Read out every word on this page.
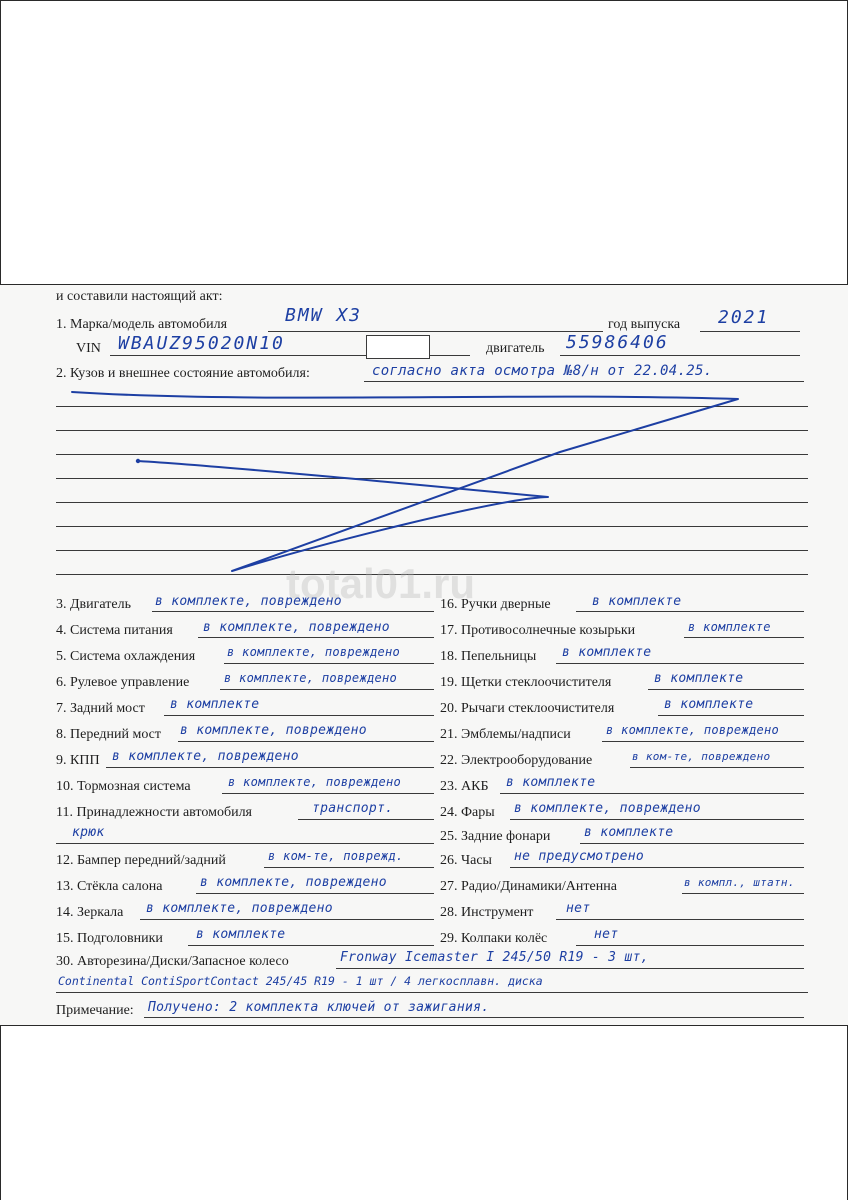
и составили настоящий акт:
1. Марка/модель автомобиля	BMW X3	год выпуска 2021
VIN WBAUZ95020N10	двигатель 55986406
2. Кузов и внешнее состояние автомобиля:	согласно акта осмотра №8/н от 22.04.25.
total01.ru
3. Двигатель в комплекте, повреждено
4. Система питания в комплекте, повреждено
5. Система охлаждения	в комплекте, повреждено
6. Рулевое управление	в комплекте, повреждено
7. Задний мост в комплекте
8. Передний мост в комплекте, повреждено
9. КПП в комплекте, повреждено
10. Тормозная система	в комплекте, повреждено
11. Принадлежности автомобиля	транспорт.
крюк
12. Бампер передний/задний	в ком-те, поврежд.
13. Стёкла салона	в комплекте, повреждено
14. Зеркала в комплекте, повреждено
15. Подголовники	в комплекте
16. Ручки дверные	в комплекте
17. Противосолнечные козырьки	в комплекте
18. Пепельницы в комплекте
19. Щетки стеклоочистителя	в комплекте
20. Рычаги стеклоочистителя	в комплекте
21. Эмблемы/надписи	в комплекте, повреждено
22. Электрооборудование	в ком-те, повреждено
23. АКБ в комплекте
24. Фары в комплекте, повреждено
25. Задние фонари	в комплекте
26. Часы не предусмотрено
27. Радио/Динамики/Антенна	в компл., штатн.
28. Инструмент	нет
29. Колпаки колёс	нет
30. Авторезина/Диски/Запасное колесо	Fronway Icemaster I 245/50 R19 - 3 шт,
Continental ContiSportContact 245/45 R19 - 1 шт / 4 легкосплавн. диска
Примечание: Получено: 2 комплекта ключей от зажигания.
